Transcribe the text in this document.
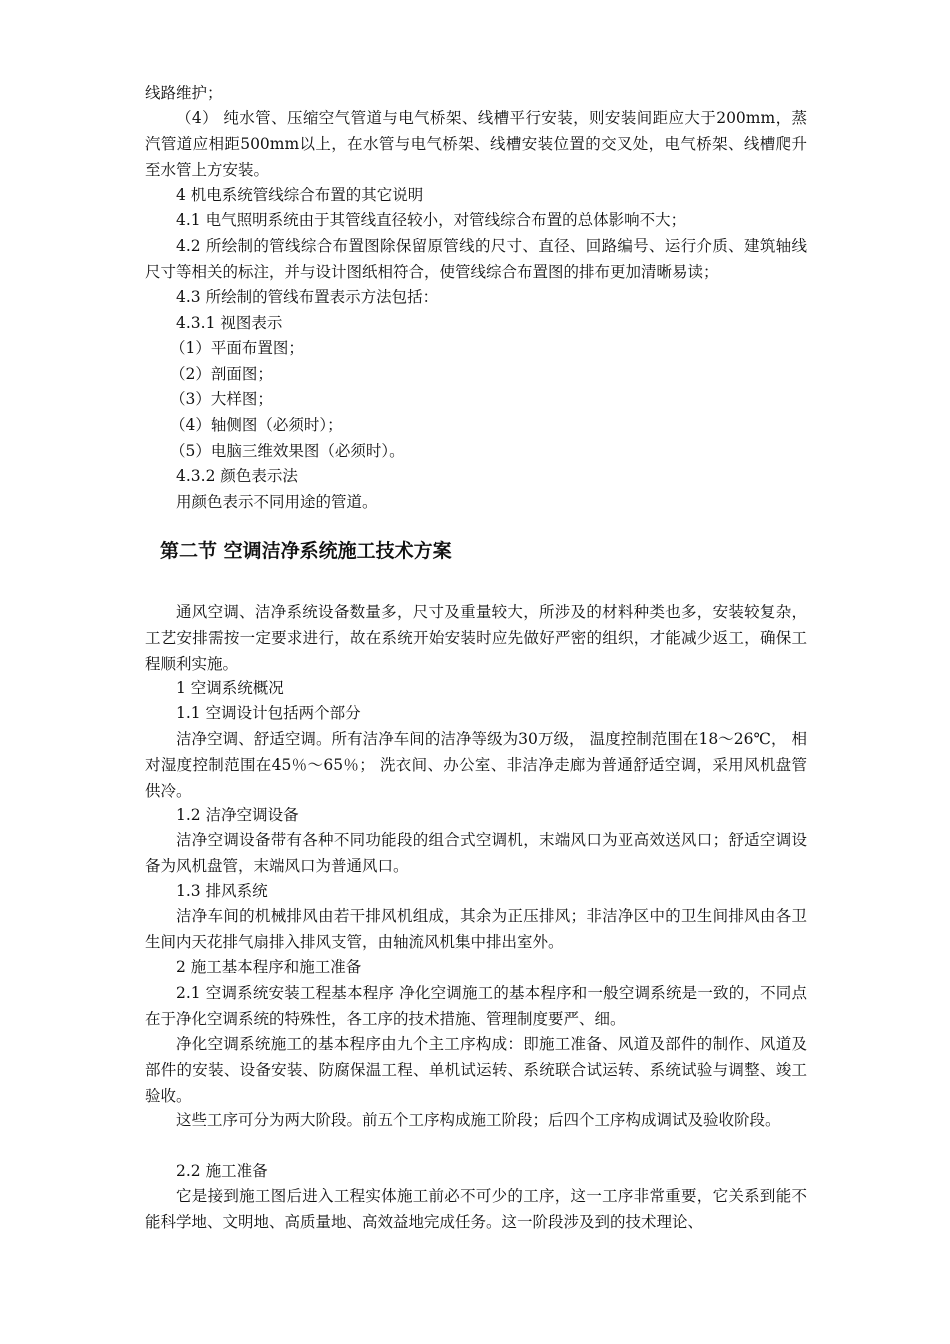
线路维护；
（4） 纯水管、压缩空气管道与电气桥架、线槽平行安装，则安装间距应大于200mm，蒸汽管道应相距500mm以上，在水管与电气桥架、线槽安装位置的交叉处，电气桥架、线槽爬升至水管上方安装。
4 机电系统管线综合布置的其它说明
4.1 电气照明系统由于其管线直径较小，对管线综合布置的总体影响不大；
4.2 所绘制的管线综合布置图除保留原管线的尺寸、直径、回路编号、运行介质、建筑轴线尺寸等相关的标注，并与设计图纸相符合，使管线综合布置图的排布更加清晰易读；
4.3 所绘制的管线布置表示方法包括：
4.3.1 视图表示
（1）平面布置图；
（2）剖面图；
（3）大样图；
（4）轴侧图（必须时）；
（5）电脑三维效果图（必须时）。
4.3.2 颜色表示法
用颜色表示不同用途的管道。
第二节 空调洁净系统施工技术方案
通风空调、洁净系统设备数量多，尺寸及重量较大，所涉及的材料种类也多，安装较复杂，工艺安排需按一定要求进行，故在系统开始安装时应先做好严密的组织，才能减少返工，确保工程顺利实施。
1 空调系统概况
1.1 空调设计包括两个部分
洁净空调、舒适空调。所有洁净车间的洁净等级为30万级， 温度控制范围在18～26℃， 相对湿度控制范围在45％～65％； 洗衣间、办公室、非洁净走廊为普通舒适空调，采用风机盘管供冷。
1.2 洁净空调设备
洁净空调设备带有各种不同功能段的组合式空调机，末端风口为亚高效送风口；舒适空调设备为风机盘管，末端风口为普通风口。
1.3 排风系统
洁净车间的机械排风由若干排风机组成，其余为正压排风；非洁净区中的卫生间排风由各卫生间内天花排气扇排入排风支管，由轴流风机集中排出室外。
2 施工基本程序和施工准备
2.1 空调系统安装工程基本程序 净化空调施工的基本程序和一般空调系统是一致的，不同点在于净化空调系统的特殊性，各工序的技术措施、管理制度要严、细。
净化空调系统施工的基本程序由九个主工序构成：即施工准备、风道及部件的制作、风道及部件的安装、设备安装、防腐保温工程、单机试运转、系统联合试运转、系统试验与调整、竣工验收。
这些工序可分为两大阶段。前五个工序构成施工阶段；后四个工序构成调试及验收阶段。
2.2 施工准备
它是接到施工图后进入工程实体施工前必不可少的工序，这一工序非常重要，它关系到能不能科学地、文明地、高质量地、高效益地完成任务。这一阶段涉及到的技术理论、
